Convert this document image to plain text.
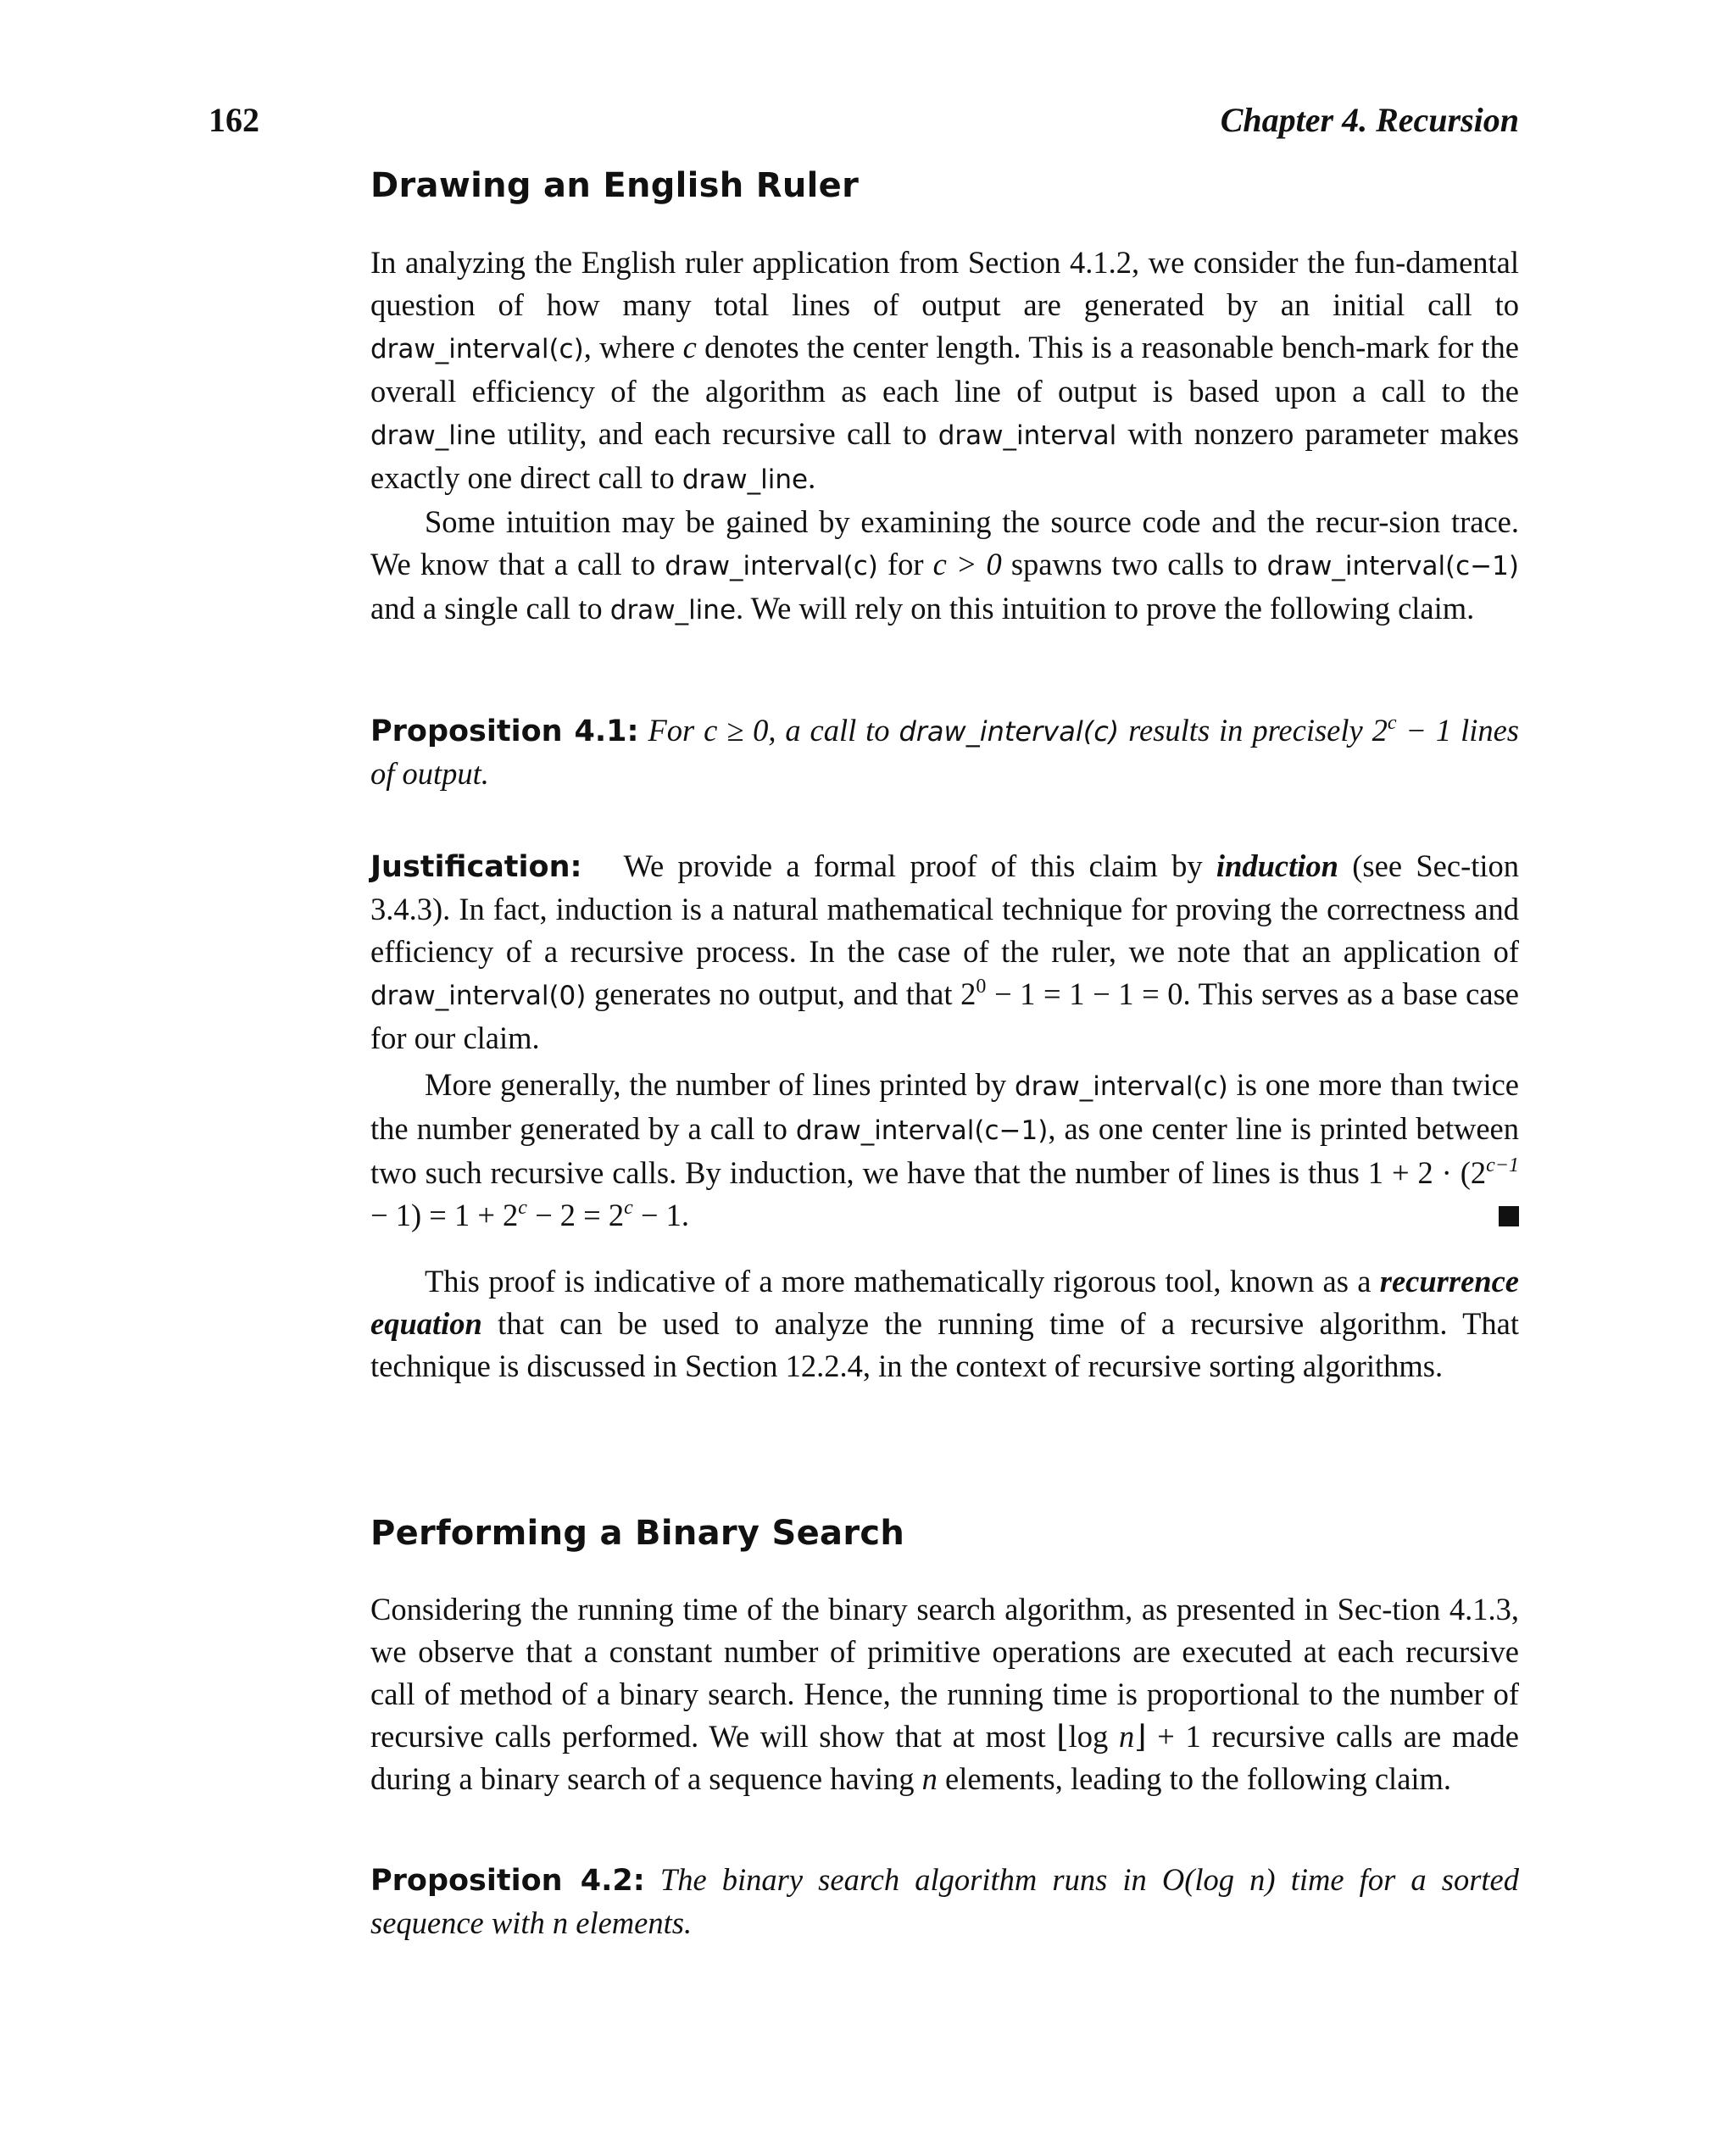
162	Chapter 4. Recursion
Drawing an English Ruler

In analyzing the English ruler application from Section 4.1.2, we consider the fun-damental question of how many total lines of output are generated by an initial call to draw_interval(c), where c denotes the center length. This is a reasonable bench-mark for the overall efficiency of the algorithm as each line of output is based upon a call to the draw_line utility, and each recursive call to draw_interval with nonzero parameter makes exactly one direct call to draw_line.

Some intuition may be gained by examining the source code and the recur-sion trace. We know that a call to draw_interval(c) for c > 0 spawns two calls to draw_interval(c−1) and a single call to draw_line. We will rely on this intuition to prove the following claim.

Proposition 4.1: For c ≥ 0, a call to draw_interval(c) results in precisely $2^c - 1$ lines of output.

Justification: We provide a formal proof of this claim by induction (see Sec-tion 3.4.3). In fact, induction is a natural mathematical technique for proving the correctness and efficiency of a recursive process. In the case of the ruler, we note that an application of draw_interval(0) generates no output, and that $2^0 - 1 = 1 - 1 = 0$. This serves as a base case for our claim.

More generally, the number of lines printed by draw_interval(c) is one more than twice the number generated by a call to draw_interval(c−1), as one center line is printed between two such recursive calls. By induction, we have that the number of lines is thus $1 + 2 \cdot (2^{c-1} - 1) = 1 + 2^c - 2 = 2^c - 1$.

This proof is indicative of a more mathematically rigorous tool, known as a recurrence equation that can be used to analyze the running time of a recursive algorithm. That technique is discussed in Section 12.2.4, in the context of recursive sorting algorithms.

Performing a Binary Search

Considering the running time of the binary search algorithm, as presented in Sec-tion 4.1.3, we observe that a constant number of primitive operations are executed at each recursive call of method of a binary search. Hence, the running time is proportional to the number of recursive calls performed. We will show that at most ⌊log n⌋ + 1 recursive calls are made during a binary search of a sequence having n elements, leading to the following claim.

Proposition 4.2: The binary search algorithm runs in O(log n) time for a sorted sequence with n elements.
